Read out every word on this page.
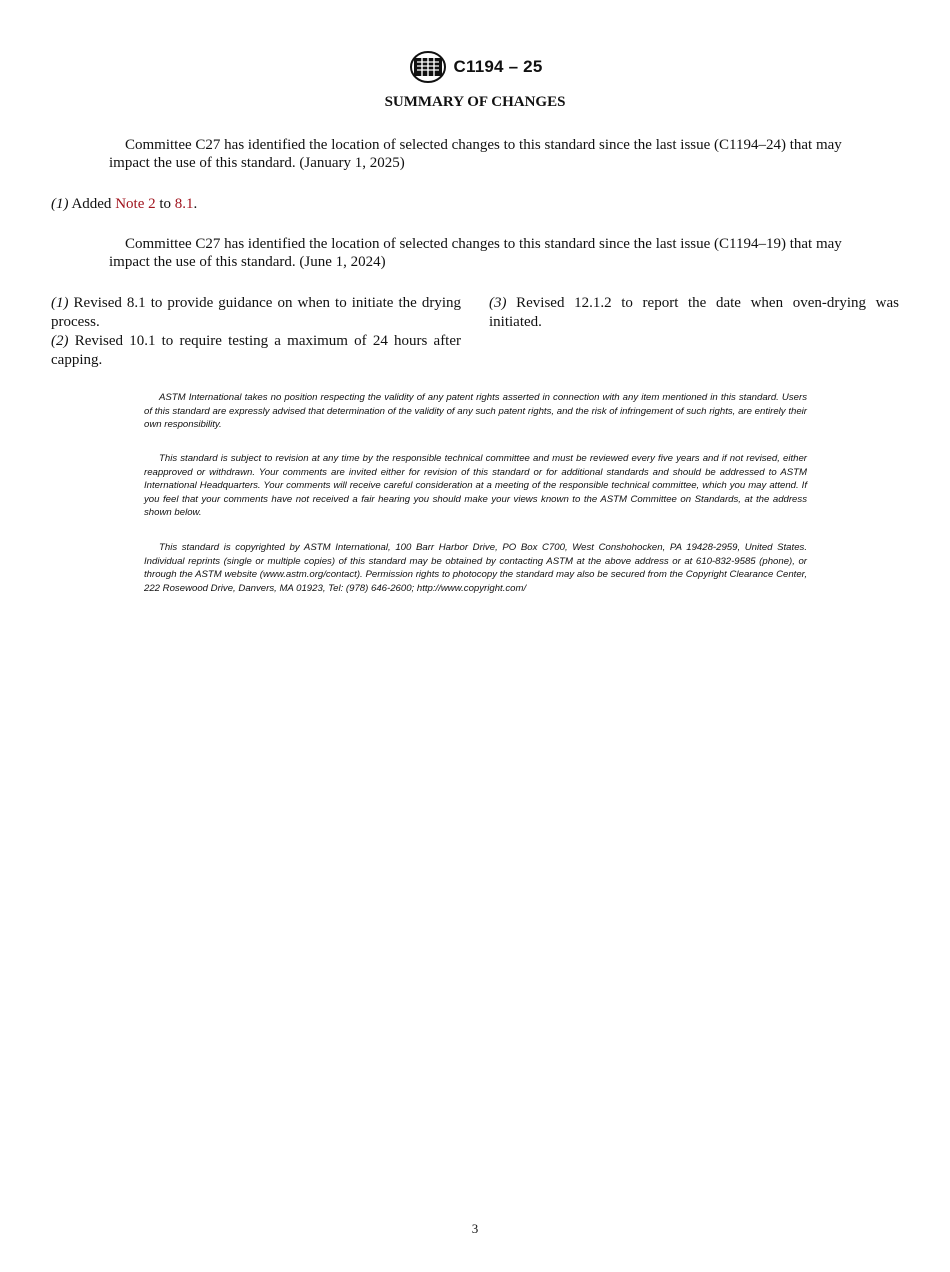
C1194 – 25
SUMMARY OF CHANGES
Committee C27 has identified the location of selected changes to this standard since the last issue (C1194–24) that may impact the use of this standard. (January 1, 2025)
(1) Added Note 2 to 8.1.
Committee C27 has identified the location of selected changes to this standard since the last issue (C1194–19) that may impact the use of this standard. (June 1, 2024)

(1) Revised 8.1 to provide guidance on when to initiate the drying process.

(2) Revised 10.1 to require testing a maximum of 24 hours after capping.

(3) Revised 12.1.2 to report the date when oven-drying was initiated.

ASTM International takes no position respecting the validity of any patent rights asserted in connection with any item mentioned in this standard. Users of this standard are expressly advised that determination of the validity of any such patent rights, and the risk of infringement of such rights, are entirely their own responsibility.
This standard is subject to revision at any time by the responsible technical committee and must be reviewed every five years and if not revised, either reapproved or withdrawn. Your comments are invited either for revision of this standard or for additional standards and should be addressed to ASTM International Headquarters. Your comments will receive careful consideration at a meeting of the responsible technical committee, which you may attend. If you feel that your comments have not received a fair hearing you should make your views known to the ASTM Committee on Standards, at the address shown below.
This standard is copyrighted by ASTM International, 100 Barr Harbor Drive, PO Box C700, West Conshohocken, PA 19428-2959, United States. Individual reprints (single or multiple copies) of this standard may be obtained by contacting ASTM at the above address or at 610-832-9585 (phone), or through the ASTM website (www.astm.org/contact). Permission rights to photocopy the standard may also be secured from the Copyright Clearance Center, 222 Rosewood Drive, Danvers, MA 01923, Tel: (978) 646-2600; http://www.copyright.com/
3
